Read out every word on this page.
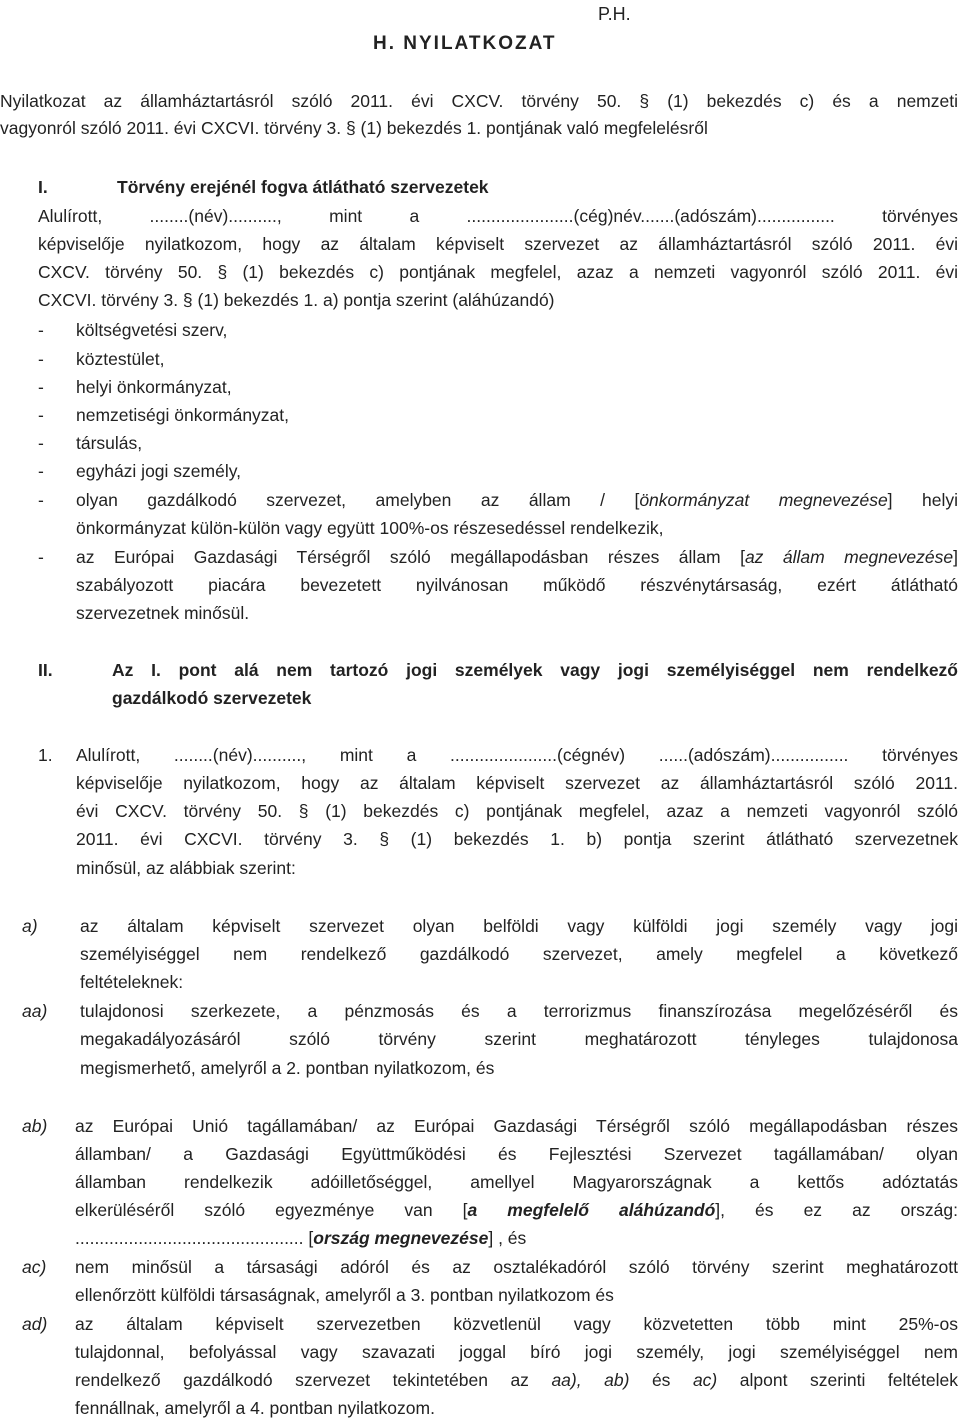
P.H.
H. NYILATKOZAT
Nyilatkozat az államháztartásról szóló 2011. évi CXCV. törvény 50. § (1) bekezdés c) és a nemzeti
vagyonról szóló 2011. évi CXCVI. törvény 3. § (1) bekezdés 1. pontjának való megfelelésről
I.	Törvény erejénél fogva átlátható szervezetek
Alulírott, ........(név).........., mint a ......................(cég)név.......(adószám)................ törvényes
képviselője nyilatkozom, hogy az általam képviselt szervezet az államháztartásról szóló 2011. évi
CXCV. törvény 50. § (1) bekezdés c) pontjának megfelel, azaz a nemzeti vagyonról szóló 2011. évi
CXCVI. törvény 3. § (1) bekezdés 1. a) pontja szerint (aláhúzandó)
- költségvetési szerv,
- köztestület,
- helyi önkormányzat,
- nemzetiségi önkormányzat,
- társulás,
- egyházi jogi személy,
- olyan gazdálkodó szervezet, amelyben az állam / [önkormányzat megnevezése] helyi
önkormányzat külön-külön vagy együtt 100%-os részesedéssel rendelkezik,
- az Európai Gazdasági Térségről szóló megállapodásban részes állam [az állam megnevezése]
szabályozott piacára bevezetett nyilvánosan működő részvénytársaság, ezért átlátható
szervezetnek minősül.
II.	Az I. pont alá nem tartozó jogi személyek vagy jogi személyiséggel nem rendelkező
gazdálkodó szervezetek
1. Alulírott, ........(név).........., mint a ......................(cégnév) ......(adószám)................ törvényes
képviselője nyilatkozom, hogy az általam képviselt szervezet az államháztartásról szóló 2011.
évi CXCV. törvény 50. § (1) bekezdés c) pontjának megfelel, azaz a nemzeti vagyonról szóló
2011. évi CXCVI. törvény 3. § (1) bekezdés 1. b) pontja szerint átlátható szervezetnek
minősül, az alábbiak szerint:
a) az általam képviselt szervezet olyan belföldi vagy külföldi jogi személy vagy jogi
személyiséggel nem rendelkező gazdálkodó szervezet, amely megfelel a következő
feltételeknek:
aa) tulajdonosi szerkezete, a pénzmosás és a terrorizmus finanszírozása megelőzéséről és
megakadályozásáról szóló törvény szerint meghatározott tényleges tulajdonosa
megismerhető, amelyről a 2. pontban nyilatkozom, és
ab) az Európai Unió tagállamában/ az Európai Gazdasági Térségről szóló megállapodásban részes
államban/ a Gazdasági Együttműködési és Fejlesztési Szervezet tagállamában/ olyan
államban rendelkezik adóilletőséggel, amellyel Magyarországnak a kettős adóztatás
elkerüléséről szóló egyezménye van [a megfelelő aláhúzandó], és ez az ország:
............................................... [ország megnevezése] , és
ac) nem minősül a társasági adóról és az osztalékadóról szóló törvény szerint meghatározott
ellenőrzött külföldi társaságnak, amelyről a 3. pontban nyilatkozom és
ad) az általam képviselt szervezetben közvetlenül vagy közvetetten több mint 25%-os
tulajdonnal, befolyással vagy szavazati joggal bíró jogi személy, jogi személyiséggel nem
rendelkező gazdálkodó szervezet tekintetében az aa), ab) és ac) alpont szerinti feltételek
fennállnak, amelyről a 4. pontban nyilatkozom.
